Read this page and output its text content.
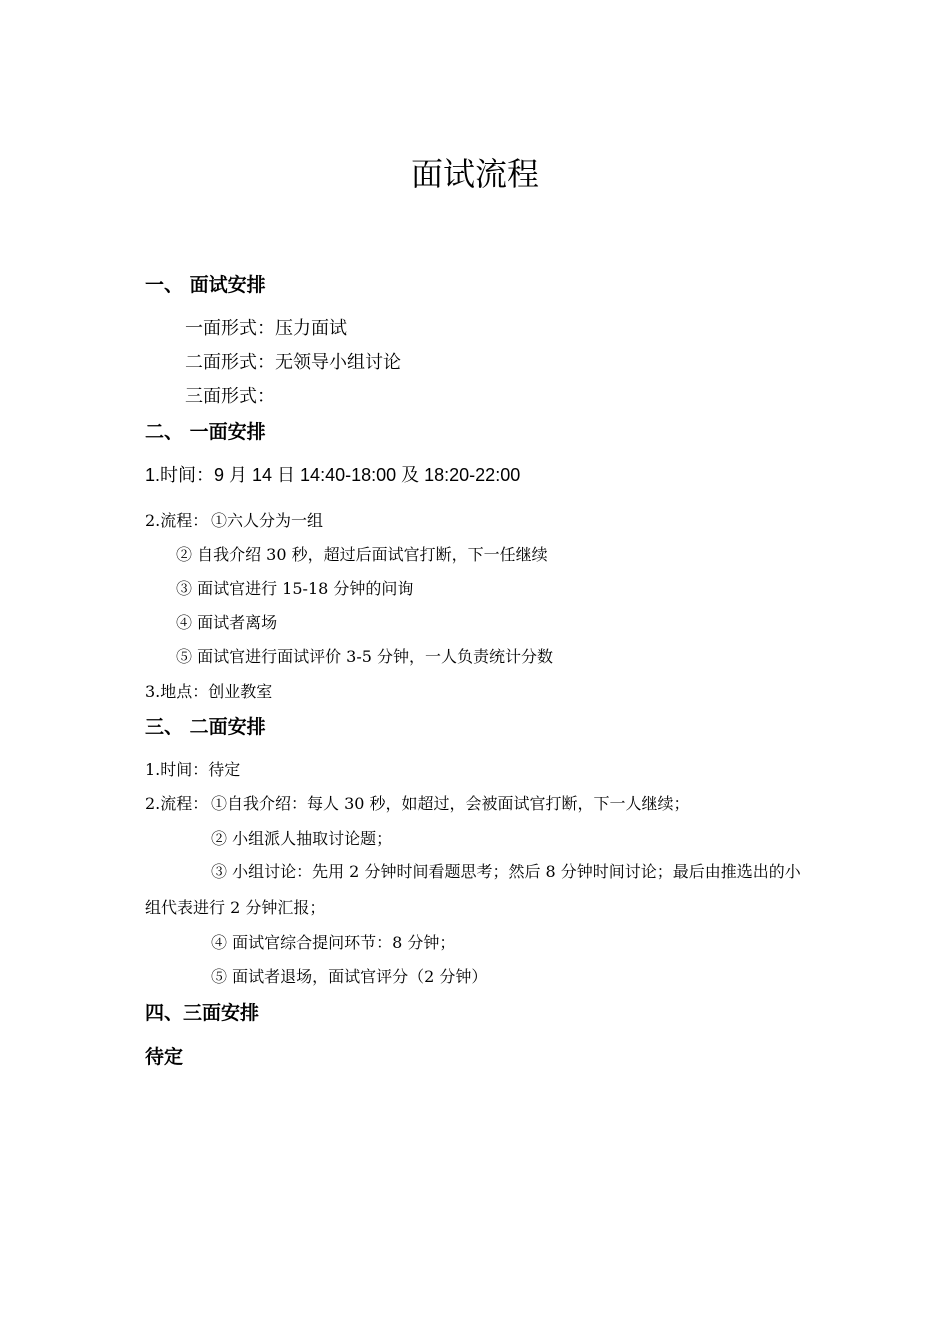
面试流程
一、 面试安排
一面形式：压力面试
二面形式：无领导小组讨论
三面形式：
二、 一面安排
1.时间：9 月 14 日 14:40-18:00 及 18:20-22:00
2.流程： ①六人分为一组
② 自我介绍 30 秒，超过后面试官打断，下一任继续
③ 面试官进行 15-18 分钟的问询
④ 面试者离场
⑤ 面试官进行面试评价 3-5 分钟，一人负责统计分数
3.地点：创业教室
三、 二面安排
1.时间：待定
2.流程： ①自我介绍：每人 30 秒，如超过，会被面试官打断，下一人继续；
② 小组派人抽取讨论题；
③ 小组讨论：先用 2 分钟时间看题思考；然后 8 分钟时间讨论；最后由推选出的小
组代表进行 2 分钟汇报；
④ 面试官综合提问环节：8 分钟；
⑤ 面试者退场，面试官评分（2 分钟）
四、三面安排
待定
